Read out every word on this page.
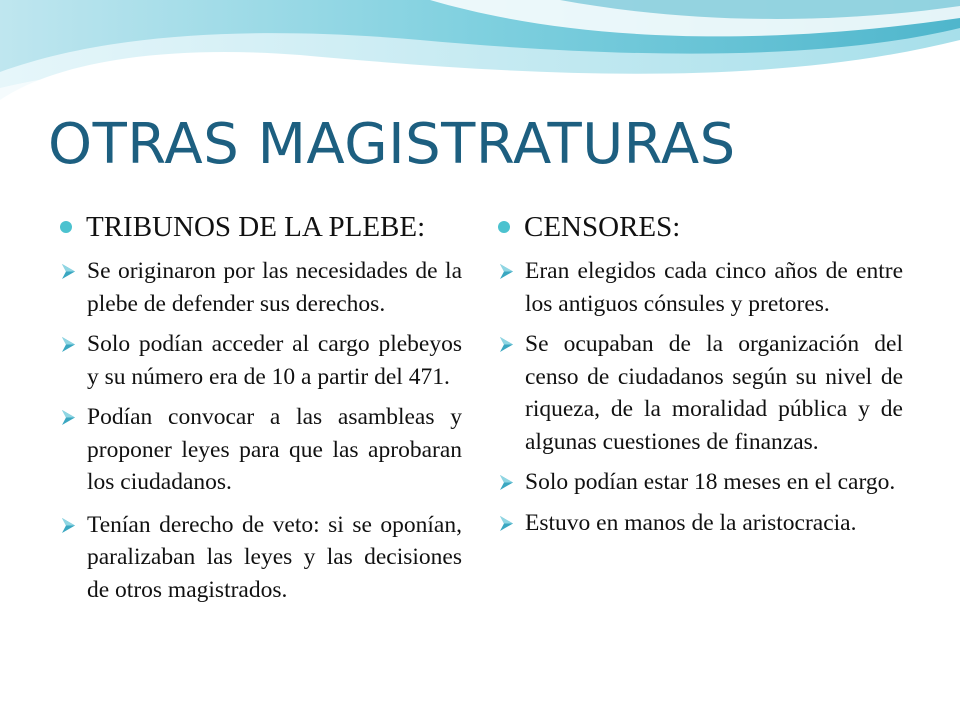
OTRAS MAGISTRATURAS
TRIBUNOS DE LA PLEBE:
Se originaron por las necesidades de la plebe de defender sus derechos.
Solo podían acceder al cargo plebeyos y su número era de 10 a partir del 471.
Podían convocar a las asambleas y proponer leyes para que las aprobaran los ciudadanos.
Tenían derecho de veto: si se oponían, paralizaban las leyes y las decisiones de otros magistrados.
CENSORES:
Eran elegidos cada cinco años de entre los antiguos cónsules y pretores.
Se ocupaban de la organización del censo de ciudadanos según su nivel de riqueza, de la moralidad pública y de algunas cuestiones de finanzas.
Solo podían estar 18 meses en el cargo.
Estuvo en manos de la aristocracia.
